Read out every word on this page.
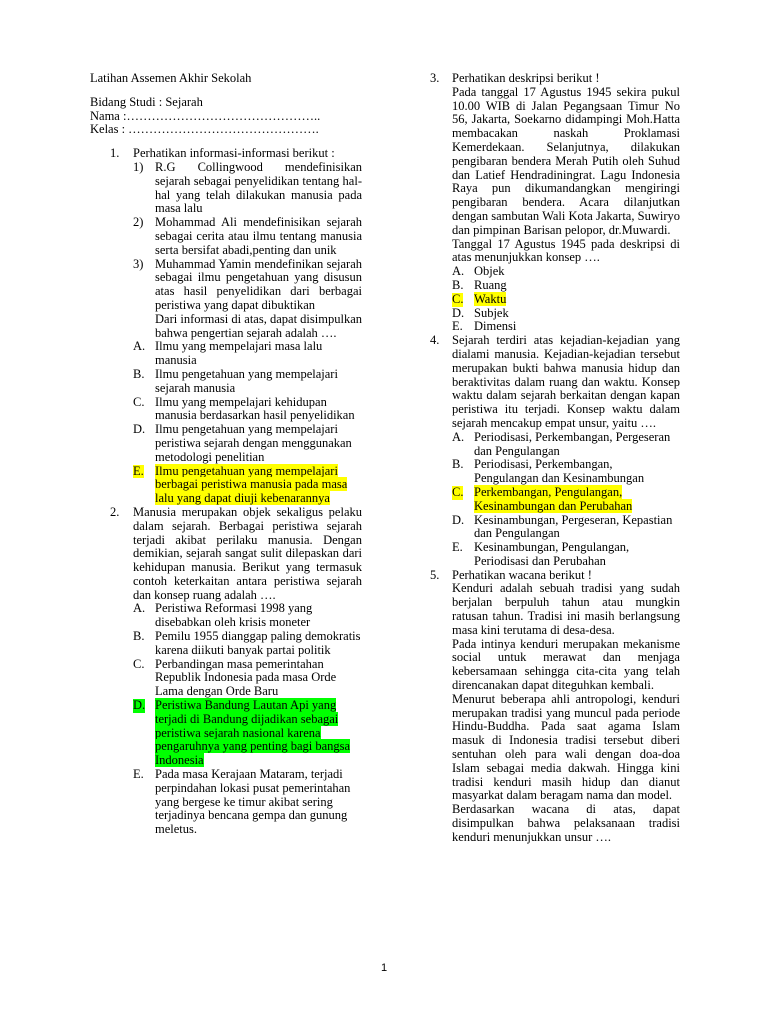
Latihan Assemen Akhir Sekolah
Bidang Studi : Sejarah
Nama :………………………………………..
Kelas : ……………………………………….
1. Perhatikan informasi-informasi berikut :
1) R.G Collingwood mendefinisikan sejarah sebagai penyelidikan tentang hal-hal yang telah dilakukan manusia pada masa lalu
2) Mohammad Ali mendefinisikan sejarah sebagai cerita atau ilmu tentang manusia serta bersifat abadi,penting dan unik
3) Muhammad Yamin mendefinikan sejarah sebagai ilmu pengetahuan yang disusun atas hasil penyelidikan dari berbagai peristiwa yang dapat dibuktikan
Dari informasi di atas, dapat disimpulkan bahwa pengertian sejarah adalah ….
A. Ilmu yang mempelajari masa lalu manusia
B. Ilmu pengetahuan yang mempelajari sejarah manusia
C. Ilmu yang mempelajari kehidupan manusia berdasarkan hasil penyelidikan
D. Ilmu pengetahuan yang mempelajari peristiwa sejarah dengan menggunakan metodologi penelitian
E. Ilmu pengetahuan yang mempelajari berbagai peristiwa manusia pada masa lalu yang dapat diuji kebenarannya
2. Manusia merupakan objek sekaligus pelaku dalam sejarah. Berbagai peristiwa sejarah terjadi akibat perilaku manusia. Dengan demikian, sejarah sangat sulit dilepaskan dari kehidupan manusia. Berikut yang termasuk contoh keterkaitan antara peristiwa sejarah dan konsep ruang adalah ….
A. Peristiwa Reformasi 1998 yang disebabkan oleh krisis moneter
B. Pemilu 1955 dianggap paling demokratis karena diikuti banyak partai politik
C. Perbandingan masa pemerintahan Republik Indonesia pada masa Orde Lama dengan Orde Baru
D. Peristiwa Bandung Lautan Api yang terjadi di Bandung dijadikan sebagai peristiwa sejarah nasional karena pengaruhnya yang penting bagi bangsa Indonesia
E. Pada masa Kerajaan Mataram, terjadi perpindahan lokasi pusat pemerintahan yang bergese ke timur akibat sering terjadinya bencana gempa dan gunung meletus.
3. Perhatikan deskripsi berikut !
Pada tanggal 17 Agustus 1945 sekira pukul 10.00 WIB di Jalan Pegangsaan Timur No 56, Jakarta, Soekarno didampingi Moh.Hatta membacakan naskah Proklamasi Kemerdekaan. Selanjutnya, dilakukan pengibaran bendera Merah Putih oleh Suhud dan Latief Hendradiningrat. Lagu Indonesia Raya pun dikumandangkan mengiringi pengibaran bendera. Acara dilanjutkan dengan sambutan Wali Kota Jakarta, Suwiryo dan pimpinan Barisan pelopor, dr.Muwardi.
Tanggal 17 Agustus 1945 pada deskripsi di atas menunjukkan konsep ….
A. Objek
B. Ruang
C. Waktu
D. Subjek
E. Dimensi
4. Sejarah terdiri atas kejadian-kejadian yang dialami manusia. Kejadian-kejadian tersebut merupakan bukti bahwa manusia hidup dan beraktivitas dalam ruang dan waktu. Konsep waktu dalam sejarah berkaitan dengan kapan peristiwa itu terjadi. Konsep waktu dalam sejarah mencakup empat unsur, yaitu ….
A. Periodisasi, Perkembangan, Pergeseran dan Pengulangan
B. Periodisasi, Perkembangan, Pengulangan dan Kesinambungan
C. Perkembangan, Pengulangan, Kesinambungan dan Perubahan
D. Kesinambungan, Pergeseran, Kepastian dan Pengulangan
E. Kesinambungan, Pengulangan, Periodisasi dan Perubahan
5. Perhatikan wacana berikut !
Kenduri adalah sebuah tradisi yang sudah berjalan berpuluh tahun atau mungkin ratusan tahun. Tradisi ini masih berlangsung masa kini terutama di desa-desa.
Pada intinya kenduri merupakan mekanisme social untuk merawat dan menjaga kebersamaan sehingga cita-cita yang telah direncanakan dapat diteguhkan kembali.
Menurut beberapa ahli antropologi, kenduri merupakan tradisi yang muncul pada periode Hindu-Buddha. Pada saat agama Islam masuk di Indonesia tradisi tersebut diberi sentuhan oleh para wali dengan doa-doa Islam sebagai media dakwah. Hingga kini tradisi kenduri masih hidup dan dianut masyarkat dalam beragam nama dan model.
Berdasarkan wacana di atas, dapat disimpulkan bahwa pelaksanaan tradisi kenduri menunjukkan unsur ….
1
